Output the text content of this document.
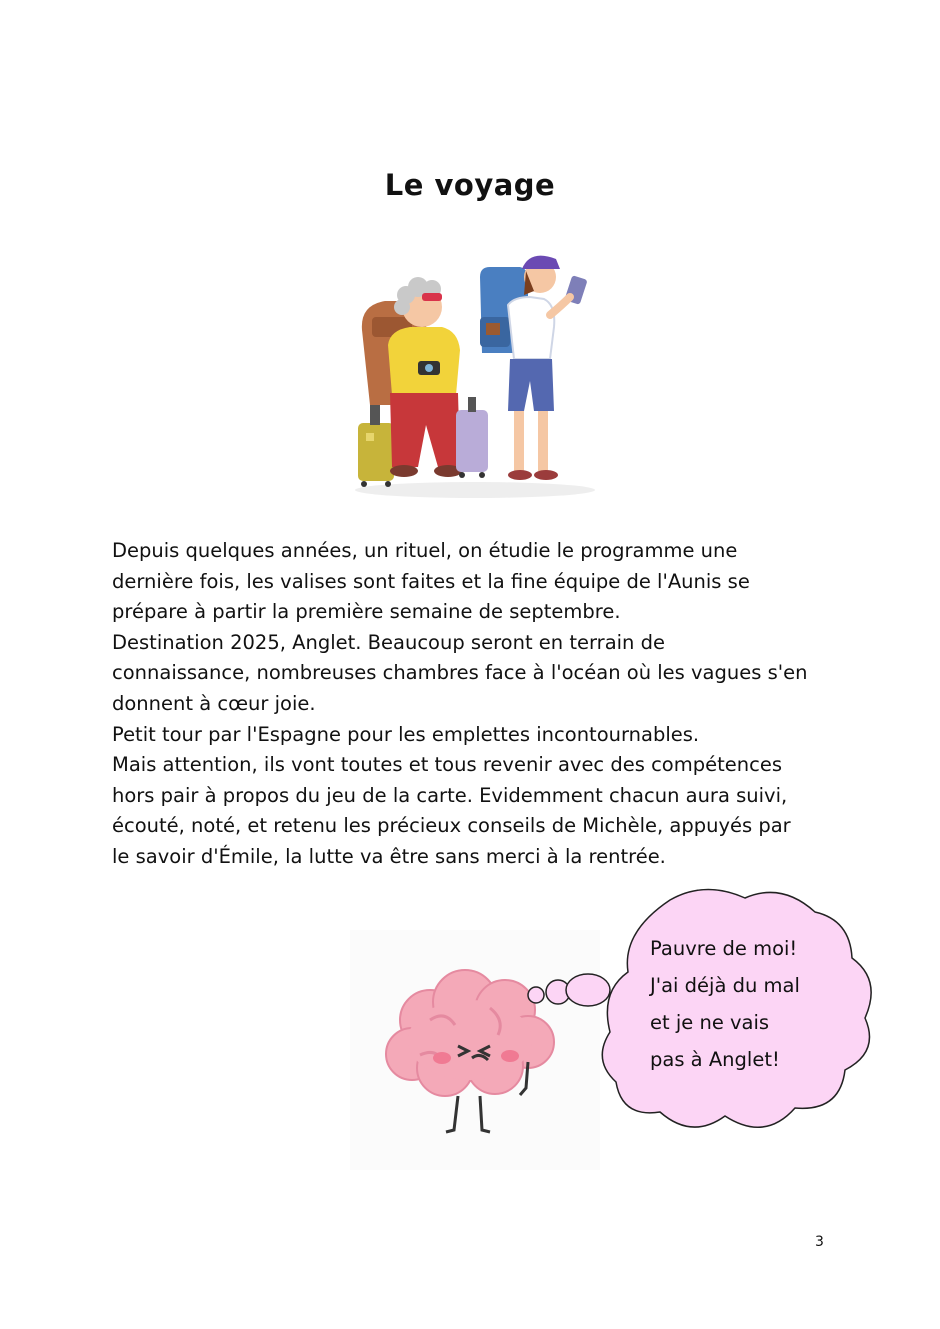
Le voyage

Depuis quelques années, un rituel, on étudie le programme une
dernière fois, les valises sont faites et la fine équipe de l'Aunis se
prépare à partir la première semaine de septembre.
Destination 2025, Anglet. Beaucoup seront en terrain de
connaissance, nombreuses chambres face à l'océan où les vagues s'en
donnent à cœur joie.
Petit tour par l'Espagne pour les emplettes incontournables.
Mais attention, ils vont toutes et tous revenir avec des compétences
hors pair à propos du jeu de la carte. Evidemment chacun aura suivi,
écouté, noté, et retenu les précieux conseils de Michèle, appuyés par
le savoir d'Émile, la lutte va être sans merci à la rentrée.

Pauvre de moi!
J'ai déjà du mal
et je ne vais
pas à Anglet!
3
